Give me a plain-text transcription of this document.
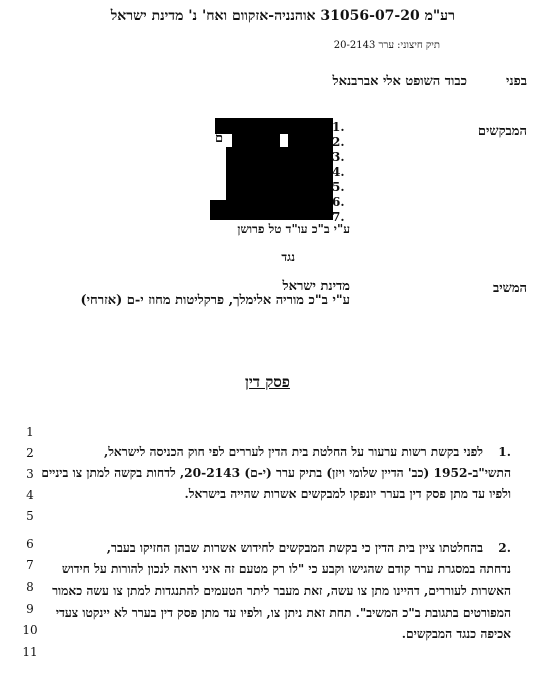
רע"מ 31056-07-20 אוהנניה-אזקוום ואח' נ' מדינת ישראל
תיק חיצוני: ערר 20-2143
בפני
כבוד השופט אלי אברבנאל
המבקשים
ם
1.
2.
3.
4.
5.
6.
7.
ע"י ב"כ עו"ד טל פרושן
נגד
המשיב
מדינת ישראל
ע"י ב"כ מוריה אלימלך, פרקליטות מחוז י-ם (אזרחי)
פסק דין
1
2
3
4
5
6
7
8
9
10
11
1.
לפני בקשת רשות ערעור על החלטת בית הדין לעררים לפי חוק הכניסה לישראל,
התשי"ב-1952 (כב' הדיין שלומי ויזן) בתיק ערר (י-ם) 20-2143, לדחות בקשה למתן צו ביניים
ולפיו עד מתן פסק דין בערר יונפקו למבקשים אשרות שהייה בישראל.
2.
בהחלטתו ציין בית הדין כי בקשת המבקשים לחידוש אשרות שבהן החזיקו בעבר,
נדחתה במסגרת ערר קודם שהגישו וקבע כי "לו רק מטעם זה איני רואה לנכון להורות על חידוש
האשרות לעוררים, דהיינו מתן צו עשה, זאת מעבר ליתר הטעמים להתנגדות למתן צו עשה כאמור
המפורטים בתגובת ב"כ המשיב". תחת זאת ניתן צו, ולפיו עד מתן פסק דין בערר לא יינקטו צעדי
אכיפה כנגד המבקשים.
